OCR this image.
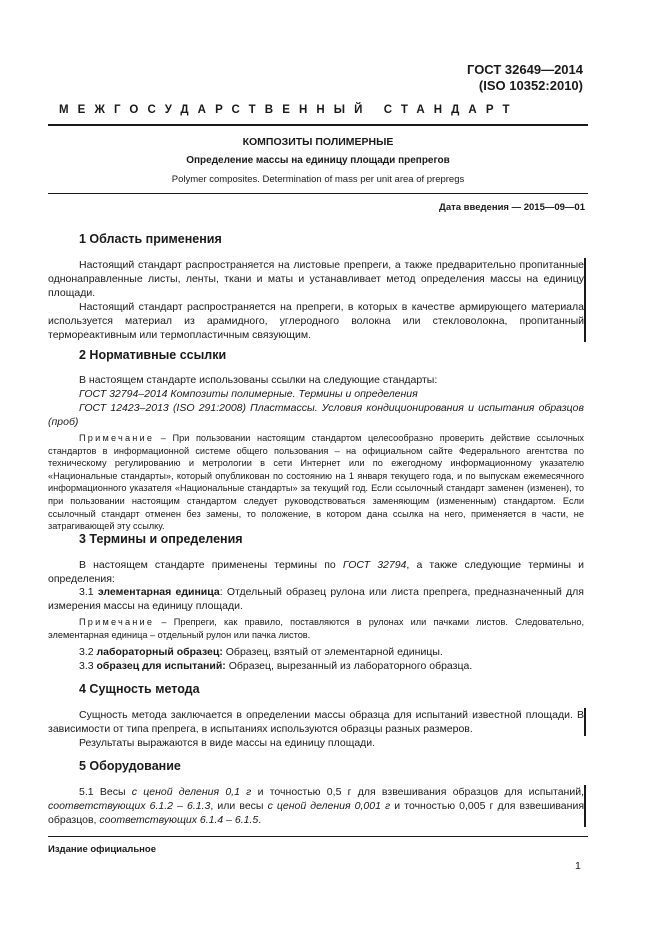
ГОСТ 32649—2014
(ISO 10352:2010)
МЕЖГОСУДАРСТВЕННЫЙ СТАНДАРТ
КОМПОЗИТЫ ПОЛИМЕРНЫЕ
Определение массы на единицу площади препрегов
Polymer composites. Determination of mass per unit area of prepregs
Дата введения — 2015—09—01
1 Область применения
Настоящий стандарт распространяется на листовые препреги, а также предварительно пропитанные однонаправленные листы, ленты, ткани и маты и устанавливает метод определения массы на единицу площади.
Настоящий стандарт распространяется на препреги, в которых в качестве армирующего материала используется материал из арамидного, углеродного волокна или стекловолокна, пропитанный термореактивным или термопластичным связующим.
2 Нормативные ссылки
В настоящем стандарте использованы ссылки на следующие стандарты:
ГОСТ 32794–2014 Композиты полимерные. Термины и определения
ГОСТ 12423–2013 (ISO 291:2008) Пластмассы. Условия кондиционирования и испытания образцов (проб)
Примечание – При пользовании настоящим стандартом целесообразно проверить действие ссылочных стандартов в информационной системе общего пользования – на официальном сайте Федерального агентства по техническому регулированию и метрологии в сети Интернет или по ежегодному информационному указателю «Национальные стандарты», который опубликован по состоянию на 1 января текущего года, и по выпускам ежемесячного информационного указателя «Национальные стандарты» за текущий год. Если ссылочный стандарт заменен (изменен), то при пользовании настоящим стандартом следует руководствоваться заменяющим (измененным) стандартом. Если ссылочный стандарт отменен без замены, то положение, в котором дана ссылка на него, применяется в части, не затрагивающей эту ссылку.
3 Термины и определения
В настоящем стандарте применены термины по ГОСТ 32794, а также следующие термины и определения:
3.1 элементарная единица: Отдельный образец рулона или листа препрега, предназначенный для измерения массы на единицу площади.
Примечание – Препреги, как правило, поставляются в рулонах или пачками листов. Следовательно, элементарная единица – отдельный рулон или пачка листов.
3.2 лабораторный образец: Образец, взятый от элементарной единицы.
3.3 образец для испытаний: Образец, вырезанный из лабораторного образца.
4 Сущность метода
Сущность метода заключается в определении массы образца для испытаний известной площади. В зависимости от типа препрега, в испытаниях используются образцы разных размеров.
Результаты выражаются в виде массы на единицу площади.
5 Оборудование
5.1 Весы с ценой деления 0,1 г и точностью 0,5 г для взвешивания образцов для испытаний, соответствующих 6.1.2 – 6.1.3, или весы с ценой деления 0,001 г и точностью 0,005 г для взвешивания образцов, соответствующих 6.1.4 – 6.1.5.
Издание официальное
1
